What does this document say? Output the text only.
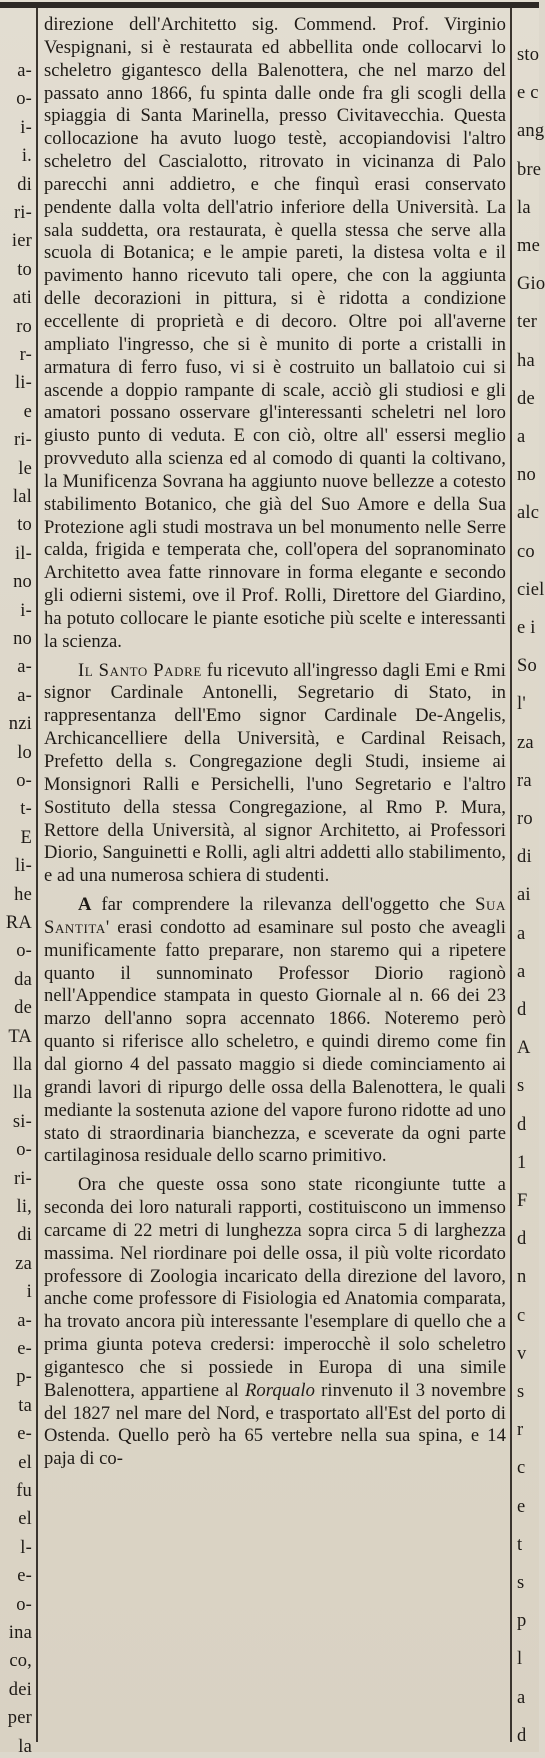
a-
o-
i-
i.
di
ri-
ier
to
ati
ro
r-
li-
e
ri-
le
lal
to
il-
no
i-
no
a-
a-
nzi
lo
o-
t-
E
li-
he
RA
o-
da
de
TA
lla
lla
si-
o-
ri-
li,
di
za
i
a-
e-
p-
ta
e-
el
fu
el
l-
e-
o-
ina
co,
dei
per
la
sto
e c
ang
bre
la
me
Gio
ter
ha
de
a
no
alc
co
ciel
e i
So
l'
za
ra
ro
di
ai
a
a
d
A
s
d
1
F
d
n
c
v
s
r
c
e
t
s
p
l
a
d

direzione dell'Architetto sig. Commend. Prof. Virginio Vespignani, si è restaurata ed abbellita onde collocarvi lo scheletro gigantesco della Balenottera, che nel marzo del passato anno 1866, fu spinta dalle onde fra gli scogli della spiaggia di Santa Marinella, presso Civitavecchia. Questa collocazione ha avuto luogo testè, accopiandovisi l'altro scheletro del Cascialotto, ritrovato in vicinanza di Palo parecchi anni addietro, e che finquì erasi conservato pendente dalla volta dell'atrio inferiore della Università. La sala suddetta, ora restaurata, è quella stessa che serve alla scuola di Botanica; e le ampie pareti, la distesa volta e il pavimento hanno ricevuto tali opere, che con la aggiunta delle decorazioni in pittura, si è ridotta a condizione eccellente di proprietà e di decoro. Oltre poi all'averne ampliato l'ingresso, che si è munito di porte a cristalli in armatura di ferro fuso, vi si è costruito un ballatoio cui si ascende a doppio rampante di scale, acciò gli studiosi e gli amatori possano osservare gl'interessanti scheletri nel loro giusto punto di veduta. E con ciò, oltre all' essersi meglio provveduto alla scienza ed al comodo di quanti la coltivano, la Munificenza Sovrana ha aggiunto nuove bellezze a cotesto stabilimento Botanico, che già del Suo Amore e della Sua Protezione agli studi mostrava un bel monumento nelle Serre calda, frigida e temperata che, coll'opera del sopranominato Architetto avea fatte rinnovare in forma elegante e secondo gli odierni sistemi, ove il Prof. Rolli, Direttore del Giardino, ha potuto collocare le piante esotiche più scelte e interessanti la scienza.

Il Santo Padre fu ricevuto all'ingresso dagli Emi e Rmi signor Cardinale Antonelli, Segretario di Stato, in rappresentanza dell'Emo signor Cardinale De-Angelis, Archicancelliere della Università, e Cardinal Reisach, Prefetto della s. Congregazione degli Studi, insieme ai Monsignori Ralli e Persichelli, l'uno Segretario e l'altro Sostituto della stessa Congregazione, al Rmo P. Mura, Rettore della Università, al signor Architetto, ai Professori Diorio, Sanguinetti e Rolli, agli altri addetti allo stabilimento, e ad una numerosa schiera di studenti.

A far comprendere la rilevanza dell'oggetto che Sua Santita' erasi condotto ad esaminare sul posto che aveagli munificamente fatto preparare, non staremo qui a ripetere quanto il sunnominato Professor Diorio ragionò nell'Appendice stampata in questo Giornale al n. 66 dei 23 marzo dell'anno sopra accennato 1866. Noteremo però quanto si riferisce allo scheletro, e quindi diremo come fin dal giorno 4 del passato maggio si diede cominciamento ai grandi lavori di ripurgo delle ossa della Balenottera, le quali mediante la sostenuta azione del vapore furono ridotte ad uno stato di straordinaria bianchezza, e sceverate da ogni parte cartilaginosa residuale dello scarno primitivo.

Ora che queste ossa sono state ricongiunte tutte a seconda dei loro naturali rapporti, costituiscono un immenso carcame di 22 metri di lunghezza sopra circa 5 di larghezza massima. Nel riordinare poi delle ossa, il più volte ricordato professore di Zoologia incaricato della direzione del lavoro, anche come professore di Fisiologia ed Anatomia comparata, ha trovato ancora più interessante l'esemplare di quello che a prima giunta poteva credersi: imperocchè il solo scheletro gigantesco che si possiede in Europa di una simile Balenottera, appartiene al Rorqualo rinvenuto il 3 novembre del 1827 nel mare del Nord, e trasportato all'Est del porto di Ostenda. Quello però ha 65 vertebre nella sua spina, e 14 paja di co-
